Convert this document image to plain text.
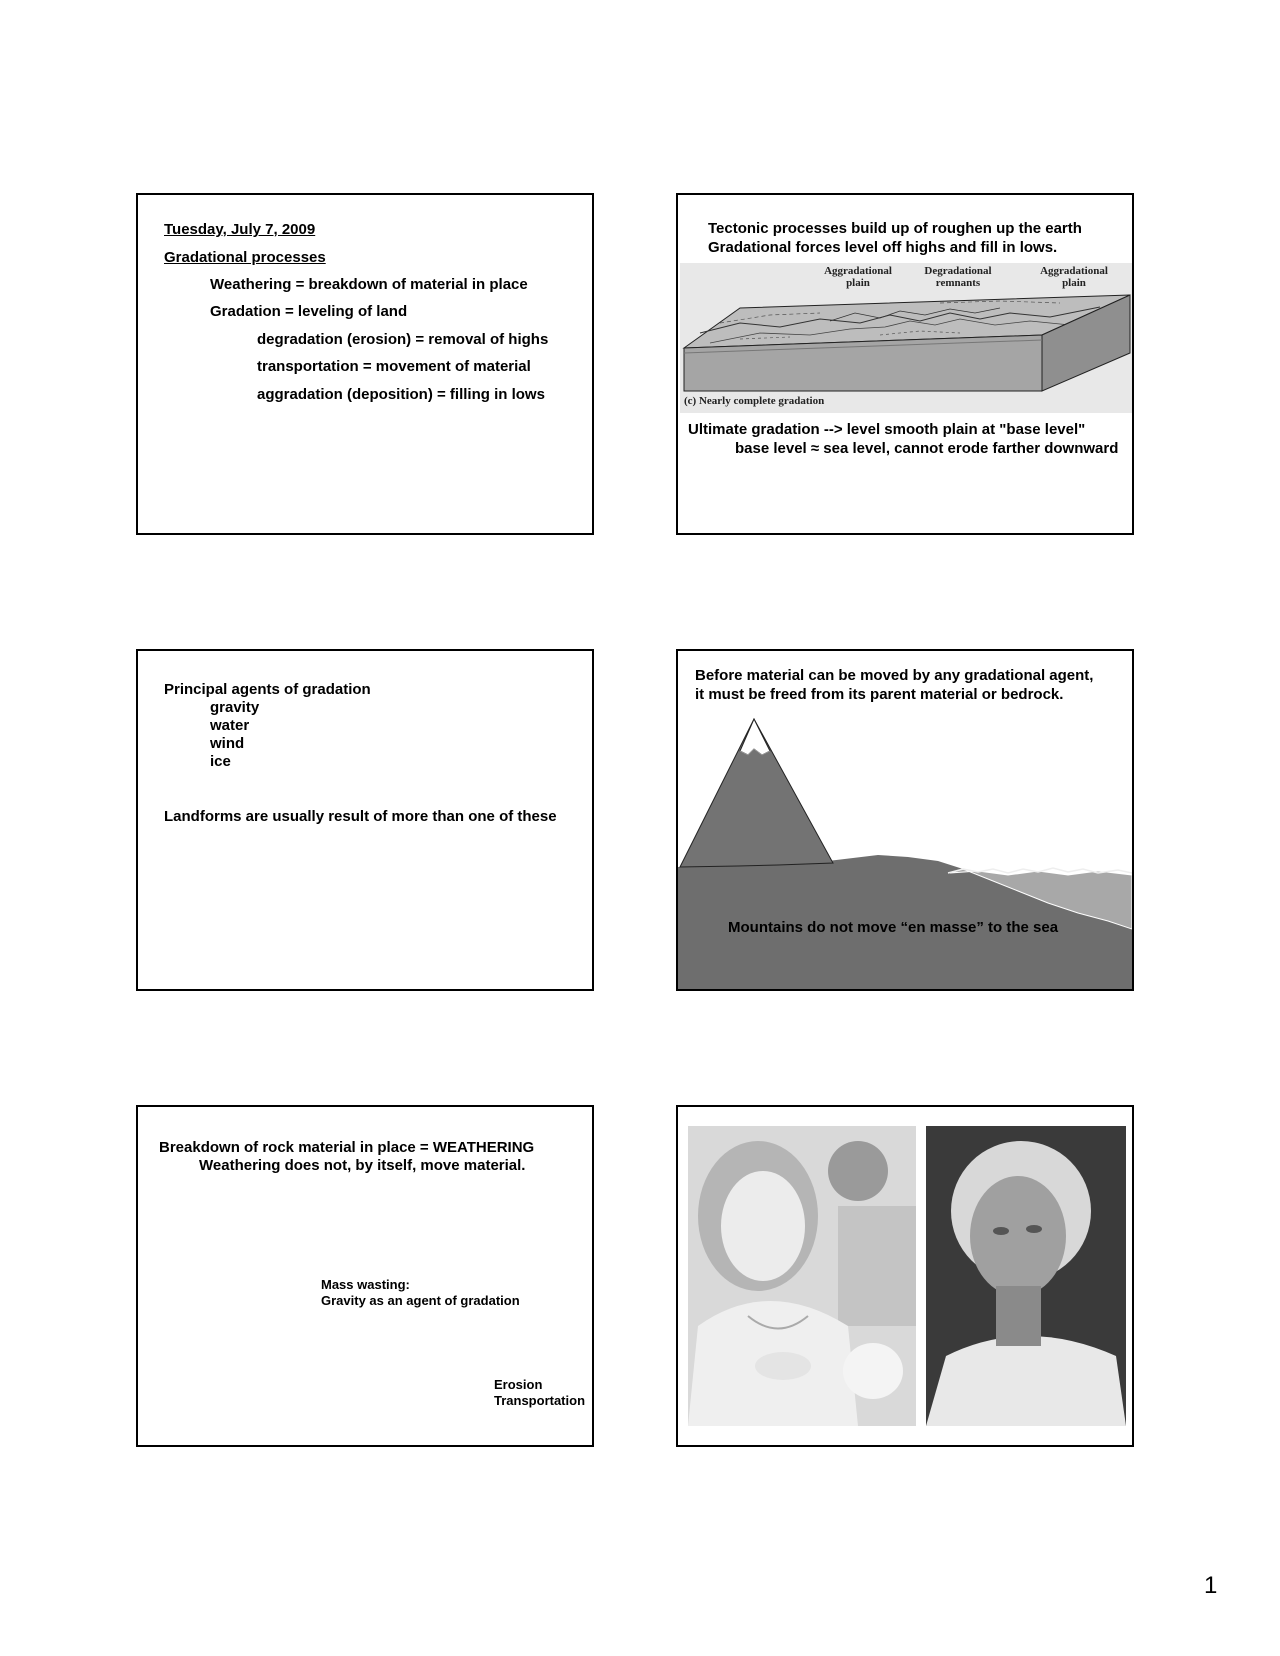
Tuesday, July 7, 2009
Gradational processes
Weathering = breakdown of material in place
Gradation = leveling of land
degradation (erosion) = removal of highs
transportation = movement of material
aggradation (deposition) = filling in lows
Tectonic processes build up of roughen up the earth
Gradational forces level off highs and fill in lows.
Aggradational plain
Degradational remnants
Aggradational plain
(c) Nearly complete gradation
Ultimate gradation --> level smooth plain at "base level"
base level ≈ sea level, cannot erode farther downward
Principal agents of gradation
gravity
water
wind
ice
Landforms are usually result of more than one of these
Before material can be moved by any gradational agent,
it must be freed from its parent material or bedrock.
Mountains do not move “en masse” to the sea
Breakdown of rock material in place = WEATHERING
Weathering does not, by itself, move material.
Mass wasting:
Gravity as an agent of gradation
Erosion
Transportation
1
